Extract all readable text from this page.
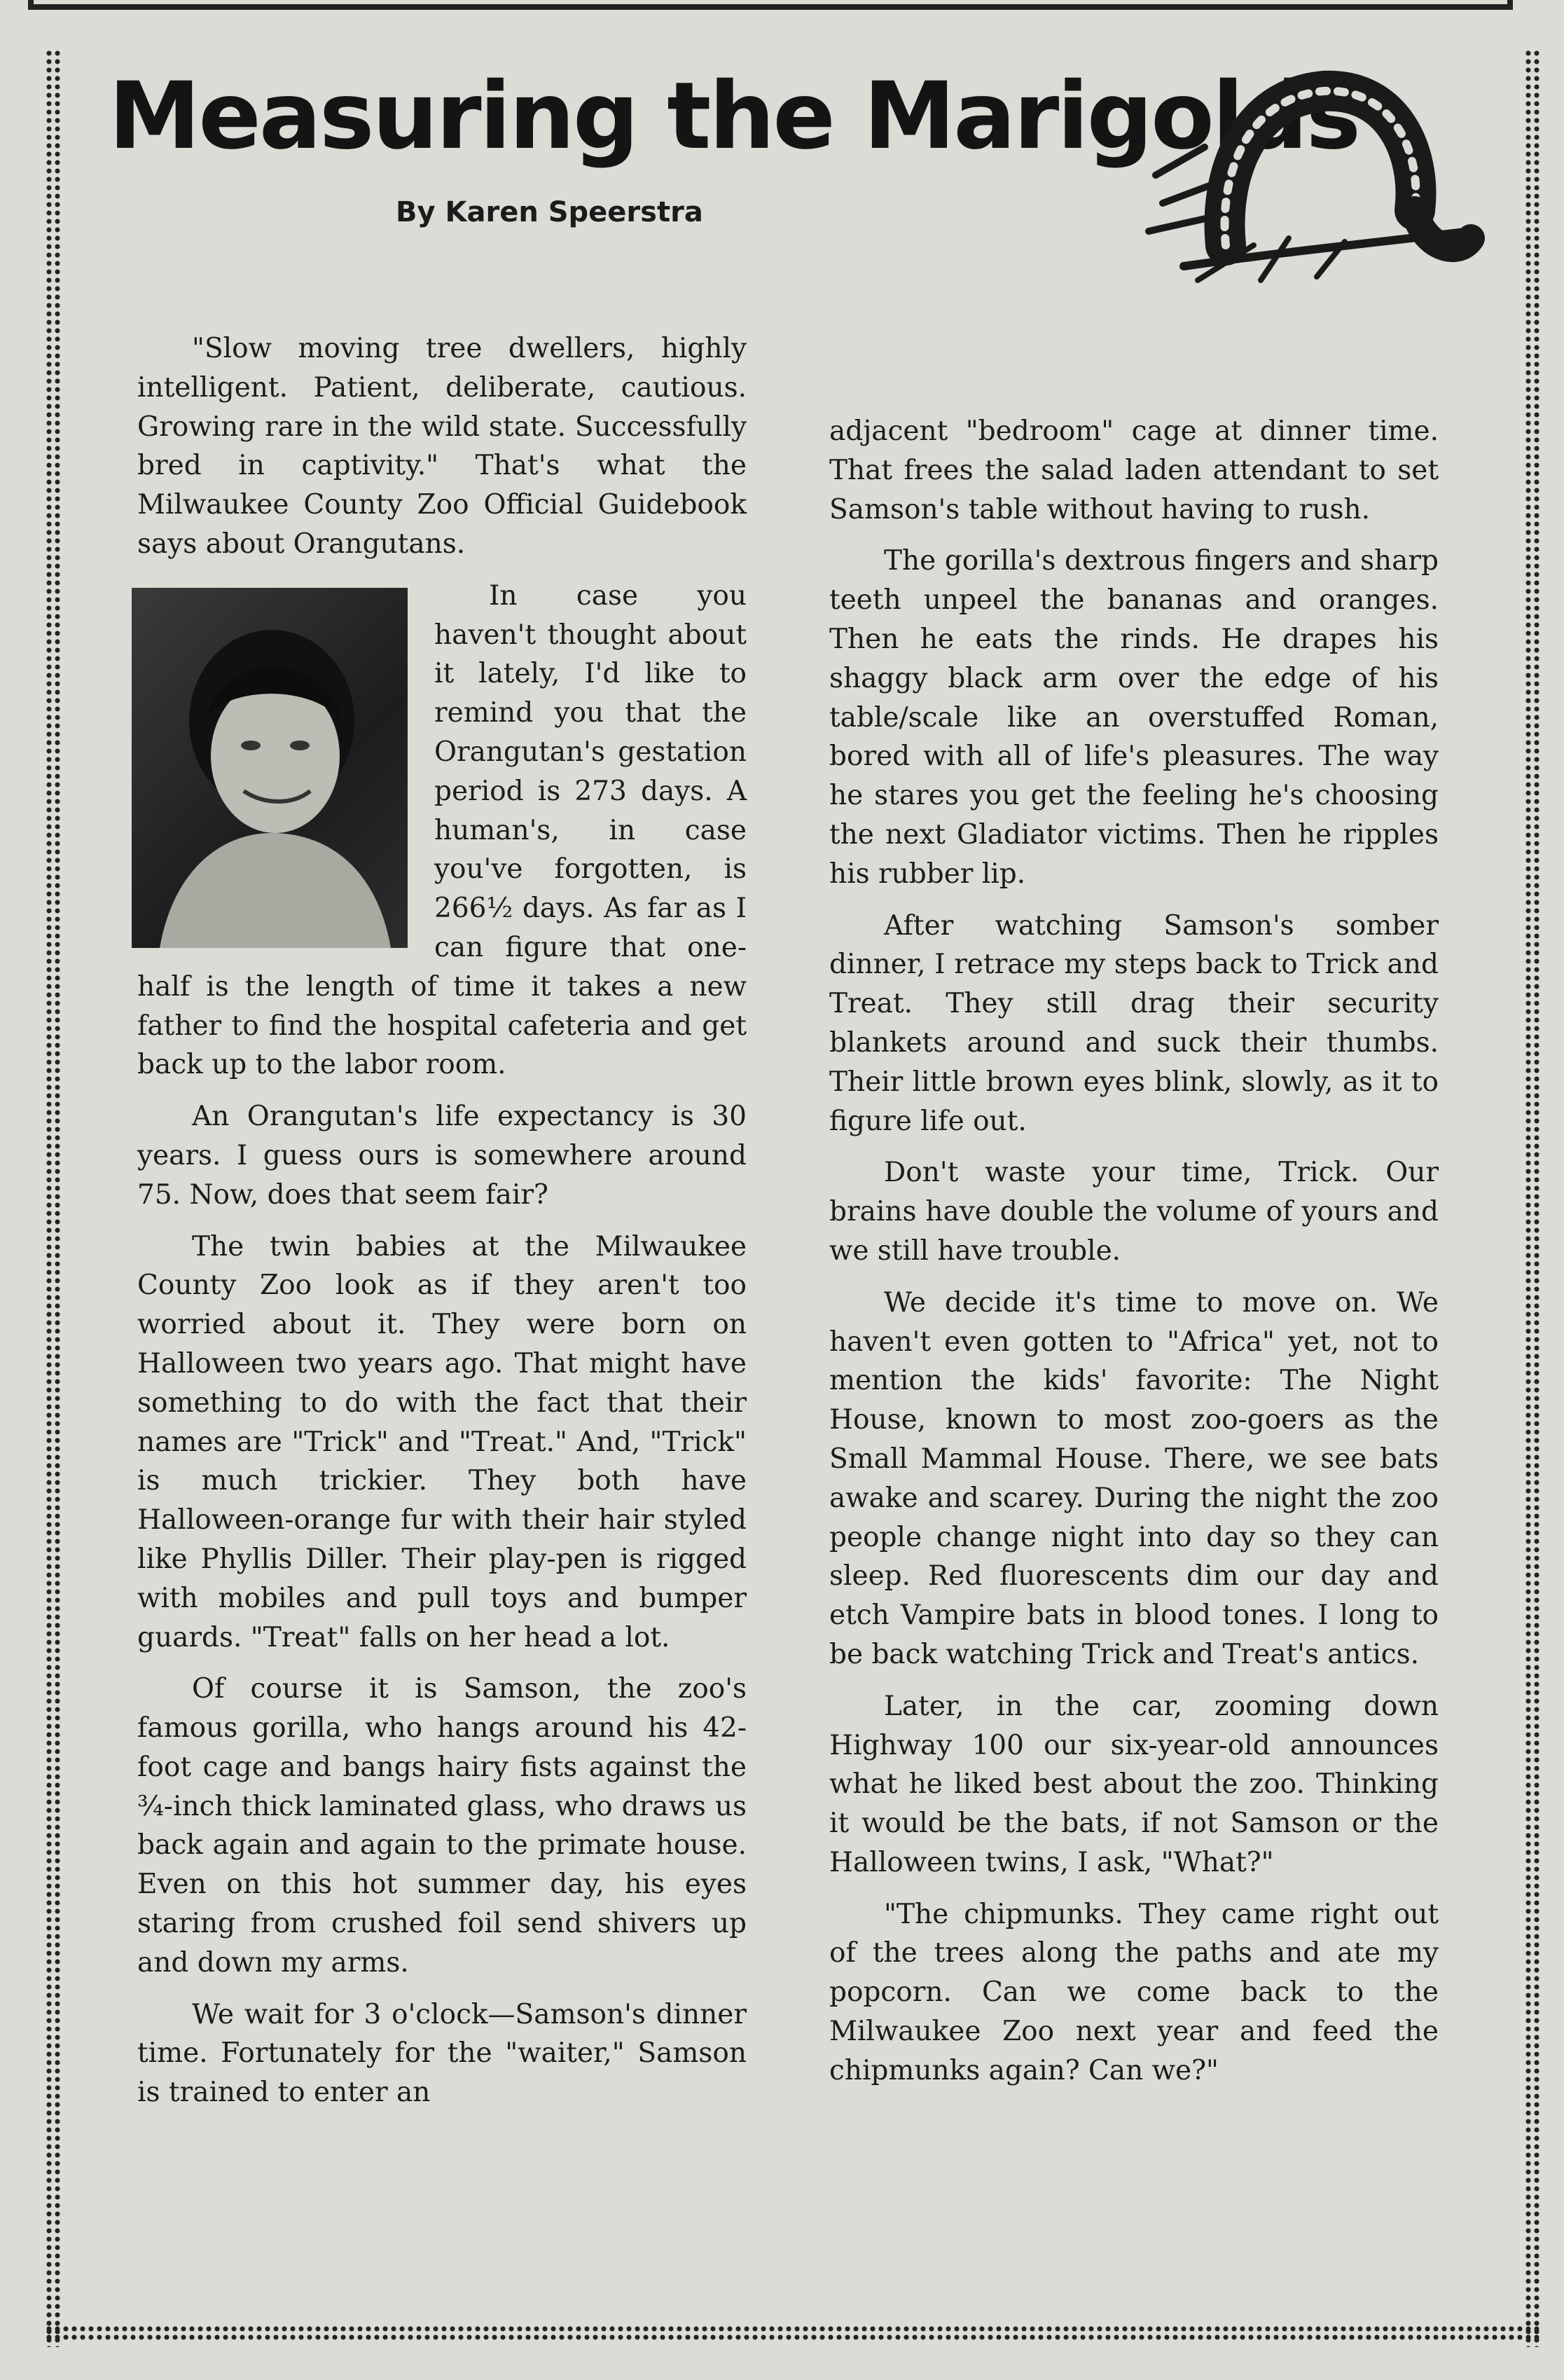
Measuring the Marigolds
By Karen Speerstra

"Slow moving tree dwellers, highly intelligent. Patient, deliberate, cautious. Growing rare in the wild state. Successfully bred in captivity." That's what the Milwaukee County Zoo Official Guidebook says about Orangutans.

In case you haven't thought about it lately, I'd like to remind you that the Orangutan's gestation period is 273 days. A human's, in case you've forgotten, is 266½ days. As far as I can figure that one-half is the length of time it takes a new father to find the hospital cafeteria and get back up to the labor room.

An Orangutan's life expectancy is 30 years. I guess ours is somewhere around 75. Now, does that seem fair?

The twin babies at the Milwaukee County Zoo look as if they aren't too worried about it. They were born on Halloween two years ago. That might have something to do with the fact that their names are "Trick" and "Treat." And, "Trick" is much trickier. They both have Halloween-orange fur with their hair styled like Phyllis Diller. Their play-pen is rigged with mobiles and pull toys and bumper guards. "Treat" falls on her head a lot.

Of course it is Samson, the zoo's famous gorilla, who hangs around his 42-foot cage and bangs hairy fists against the ¾-inch thick laminated glass, who draws us back again and again to the primate house. Even on this hot summer day, his eyes staring from crushed foil send shivers up and down my arms.

We wait for 3 o'clock—Samson's dinner time. Fortunately for the "waiter," Samson is trained to enter an

adjacent "bedroom" cage at dinner time. That frees the salad laden attendant to set Samson's table without having to rush.

The gorilla's dextrous fingers and sharp teeth unpeel the bananas and oranges. Then he eats the rinds. He drapes his shaggy black arm over the edge of his table/scale like an overstuffed Roman, bored with all of life's pleasures. The way he stares you get the feeling he's choosing the next Gladiator victims. Then he ripples his rubber lip.

After watching Samson's somber dinner, I retrace my steps back to Trick and Treat. They still drag their security blankets around and suck their thumbs. Their little brown eyes blink, slowly, as it to figure life out.

Don't waste your time, Trick. Our brains have double the volume of yours and we still have trouble.

We decide it's time to move on. We haven't even gotten to "Africa" yet, not to mention the kids' favorite: The Night House, known to most zoo-goers as the Small Mammal House. There, we see bats awake and scarey. During the night the zoo people change night into day so they can sleep. Red fluorescents dim our day and etch Vampire bats in blood tones. I long to be back watching Trick and Treat's antics.

Later, in the car, zooming down Highway 100 our six-year-old announces what he liked best about the zoo. Thinking it would be the bats, if not Samson or the Halloween twins, I ask, "What?"

"The chipmunks. They came right out of the trees along the paths and ate my popcorn. Can we come back to the Milwaukee Zoo next year and feed the chipmunks again? Can we?"
